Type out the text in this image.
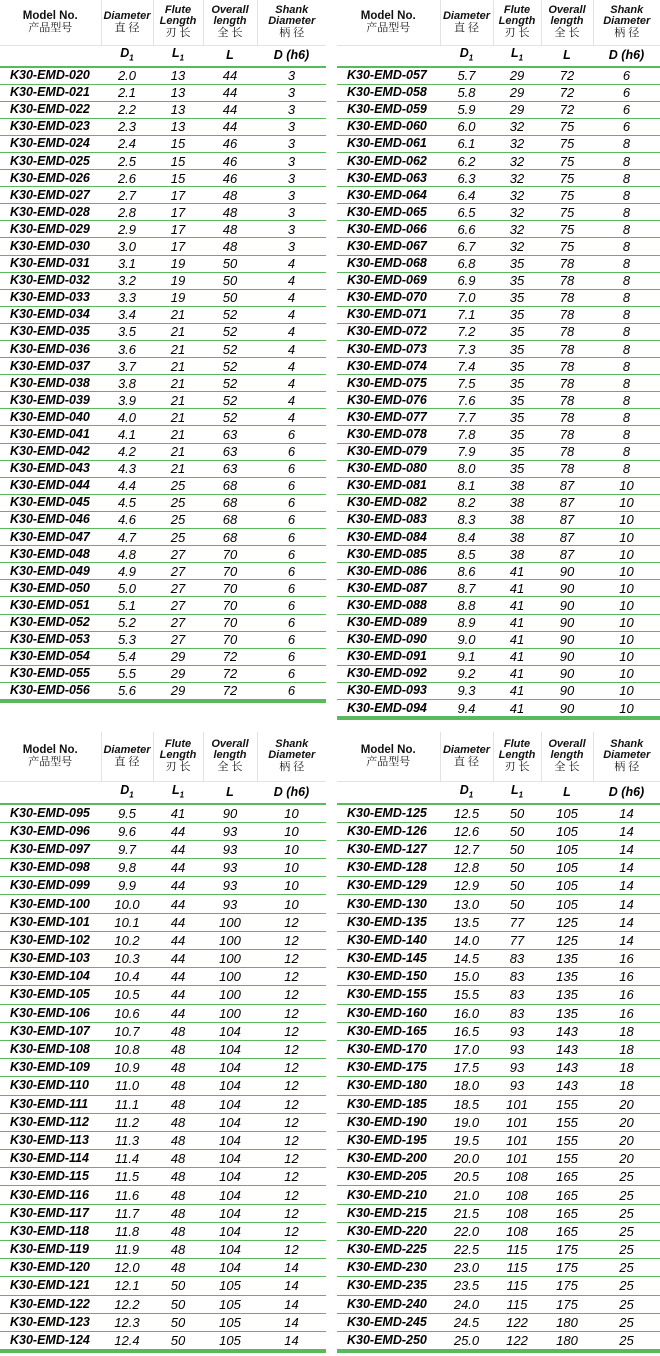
Model No.
产品型号	Diameter
直 径	Flute Length
刃 长	Overall length
全 长	Shank Diameter
柄 径

	$D_1$	$L_1$	L	D (h6)
K30-EMD-020	2.0	13	44	3
K30-EMD-021	2.1	13	44	3
K30-EMD-022	2.2	13	44	3
K30-EMD-023	2.3	13	44	3
K30-EMD-024	2.4	15	46	3
K30-EMD-025	2.5	15	46	3
K30-EMD-026	2.6	15	46	3
K30-EMD-027	2.7	17	48	3
K30-EMD-028	2.8	17	48	3
K30-EMD-029	2.9	17	48	3
K30-EMD-030	3.0	17	48	3
K30-EMD-031	3.1	19	50	4
K30-EMD-032	3.2	19	50	4
K30-EMD-033	3.3	19	50	4
K30-EMD-034	3.4	21	52	4
K30-EMD-035	3.5	21	52	4
K30-EMD-036	3.6	21	52	4
K30-EMD-037	3.7	21	52	4
K30-EMD-038	3.8	21	52	4
K30-EMD-039	3.9	21	52	4
K30-EMD-040	4.0	21	52	4
K30-EMD-041	4.1	21	63	6
K30-EMD-042	4.2	21	63	6
K30-EMD-043	4.3	21	63	6
K30-EMD-044	4.4	25	68	6
K30-EMD-045	4.5	25	68	6
K30-EMD-046	4.6	25	68	6
K30-EMD-047	4.7	25	68	6
K30-EMD-048	4.8	27	70	6
K30-EMD-049	4.9	27	70	6
K30-EMD-050	5.0	27	70	6
K30-EMD-051	5.1	27	70	6
K30-EMD-052	5.2	27	70	6
K30-EMD-053	5.3	27	70	6
K30-EMD-054	5.4	29	72	6
K30-EMD-055	5.5	29	72	6
K30-EMD-056	5.6	29	72	6
Model No.
产品型号	Diameter
直 径	Flute Length
刃 长	Overall length
全 长	Shank Diameter
柄 径

	$D_1$	$L_1$	L	D (h6)
K30-EMD-057	5.7	29	72	6
K30-EMD-058	5.8	29	72	6
K30-EMD-059	5.9	29	72	6
K30-EMD-060	6.0	32	75	6
K30-EMD-061	6.1	32	75	8
K30-EMD-062	6.2	32	75	8
K30-EMD-063	6.3	32	75	8
K30-EMD-064	6.4	32	75	8
K30-EMD-065	6.5	32	75	8
K30-EMD-066	6.6	32	75	8
K30-EMD-067	6.7	32	75	8
K30-EMD-068	6.8	35	78	8
K30-EMD-069	6.9	35	78	8
K30-EMD-070	7.0	35	78	8
K30-EMD-071	7.1	35	78	8
K30-EMD-072	7.2	35	78	8
K30-EMD-073	7.3	35	78	8
K30-EMD-074	7.4	35	78	8
K30-EMD-075	7.5	35	78	8
K30-EMD-076	7.6	35	78	8
K30-EMD-077	7.7	35	78	8
K30-EMD-078	7.8	35	78	8
K30-EMD-079	7.9	35	78	8
K30-EMD-080	8.0	35	78	8
K30-EMD-081	8.1	38	87	10
K30-EMD-082	8.2	38	87	10
K30-EMD-083	8.3	38	87	10
K30-EMD-084	8.4	38	87	10
K30-EMD-085	8.5	38	87	10
K30-EMD-086	8.6	41	90	10
K30-EMD-087	8.7	41	90	10
K30-EMD-088	8.8	41	90	10
K30-EMD-089	8.9	41	90	10
K30-EMD-090	9.0	41	90	10
K30-EMD-091	9.1	41	90	10
K30-EMD-092	9.2	41	90	10
K30-EMD-093	9.3	41	90	10
K30-EMD-094	9.4	41	90	10
Model No.
产品型号	Diameter
直 径	Flute Length
刃 长	Overall length
全 长	Shank Diameter
柄 径

	$D_1$	$L_1$	L	D (h6)
K30-EMD-095	9.5	41	90	10
K30-EMD-096	9.6	44	93	10
K30-EMD-097	9.7	44	93	10
K30-EMD-098	9.8	44	93	10
K30-EMD-099	9.9	44	93	10
K30-EMD-100	10.0	44	93	10
K30-EMD-101	10.1	44	100	12
K30-EMD-102	10.2	44	100	12
K30-EMD-103	10.3	44	100	12
K30-EMD-104	10.4	44	100	12
K30-EMD-105	10.5	44	100	12
K30-EMD-106	10.6	44	100	12
K30-EMD-107	10.7	48	104	12
K30-EMD-108	10.8	48	104	12
K30-EMD-109	10.9	48	104	12
K30-EMD-110	11.0	48	104	12
K30-EMD-111	11.1	48	104	12
K30-EMD-112	11.2	48	104	12
K30-EMD-113	11.3	48	104	12
K30-EMD-114	11.4	48	104	12
K30-EMD-115	11.5	48	104	12
K30-EMD-116	11.6	48	104	12
K30-EMD-117	11.7	48	104	12
K30-EMD-118	11.8	48	104	12
K30-EMD-119	11.9	48	104	12
K30-EMD-120	12.0	48	104	14
K30-EMD-121	12.1	50	105	14
K30-EMD-122	12.2	50	105	14
K30-EMD-123	12.3	50	105	14
K30-EMD-124	12.4	50	105	14
Model No.
产品型号	Diameter
直 径	Flute Length
刃 长	Overall length
全 长	Shank Diameter
柄 径

	$D_1$	$L_1$	L	D (h6)
K30-EMD-125	12.5	50	105	14
K30-EMD-126	12.6	50	105	14
K30-EMD-127	12.7	50	105	14
K30-EMD-128	12.8	50	105	14
K30-EMD-129	12.9	50	105	14
K30-EMD-130	13.0	50	105	14
K30-EMD-135	13.5	77	125	14
K30-EMD-140	14.0	77	125	14
K30-EMD-145	14.5	83	135	16
K30-EMD-150	15.0	83	135	16
K30-EMD-155	15.5	83	135	16
K30-EMD-160	16.0	83	135	16
K30-EMD-165	16.5	93	143	18
K30-EMD-170	17.0	93	143	18
K30-EMD-175	17.5	93	143	18
K30-EMD-180	18.0	93	143	18
K30-EMD-185	18.5	101	155	20
K30-EMD-190	19.0	101	155	20
K30-EMD-195	19.5	101	155	20
K30-EMD-200	20.0	101	155	20
K30-EMD-205	20.5	108	165	25
K30-EMD-210	21.0	108	165	25
K30-EMD-215	21.5	108	165	25
K30-EMD-220	22.0	108	165	25
K30-EMD-225	22.5	115	175	25
K30-EMD-230	23.0	115	175	25
K30-EMD-235	23.5	115	175	25
K30-EMD-240	24.0	115	175	25
K30-EMD-245	24.5	122	180	25
K30-EMD-250	25.0	122	180	25
